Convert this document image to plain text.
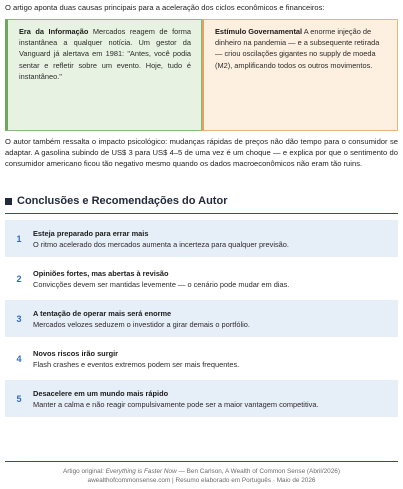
O artigo aponta duas causas principais para a aceleração dos ciclos econômicos e financeiros:

Era da Informação Mercados reagem de forma instantânea a qualquer notícia. Um gestor da Vanguard já alertava em 1981: "Antes, você podia sentar e refletir sobre um evento. Hoje, tudo é instantâneo."
Estímulo Governamental A enorme injeção de dinheiro na pandemia — e a subsequente retirada — criou oscilações gigantes no supply de moeda (M2), amplificando todos os outros movimentos.

O autor também ressalta o impacto psicológico: mudanças rápidas de preços não dão tempo para o consumidor se adaptar. A gasolina subindo de US$ 3 para US$ 4–5 de uma vez é um choque — e explica por que o sentimento do consumidor americano ficou tão negativo mesmo quando os dados macroeconômicos não eram tão ruins.

Conclusões e Recomendações do Autor
1
Esteja preparado para errar mais
O ritmo acelerado dos mercados aumenta a incerteza para qualquer previsão.
2
Opiniões fortes, mas abertas à revisão
Convicções devem ser mantidas levemente — o cenário pode mudar em dias.
3
A tentação de operar mais será enorme
Mercados velozes seduzem o investidor a girar demais o portfólio.
4
Novos riscos irão surgir
Flash crashes e eventos extremos podem ser mais frequentes.
5
Desacelere em um mundo mais rápido
Manter a calma e não reagir compulsivamente pode ser a maior vantagem competitiva.
Artigo original: Everything is Faster Now — Ben Carlson, A Wealth of Common Sense (Abril/2026)
awealthofcommonsense.com | Resumo elaborado em Português · Maio de 2026
